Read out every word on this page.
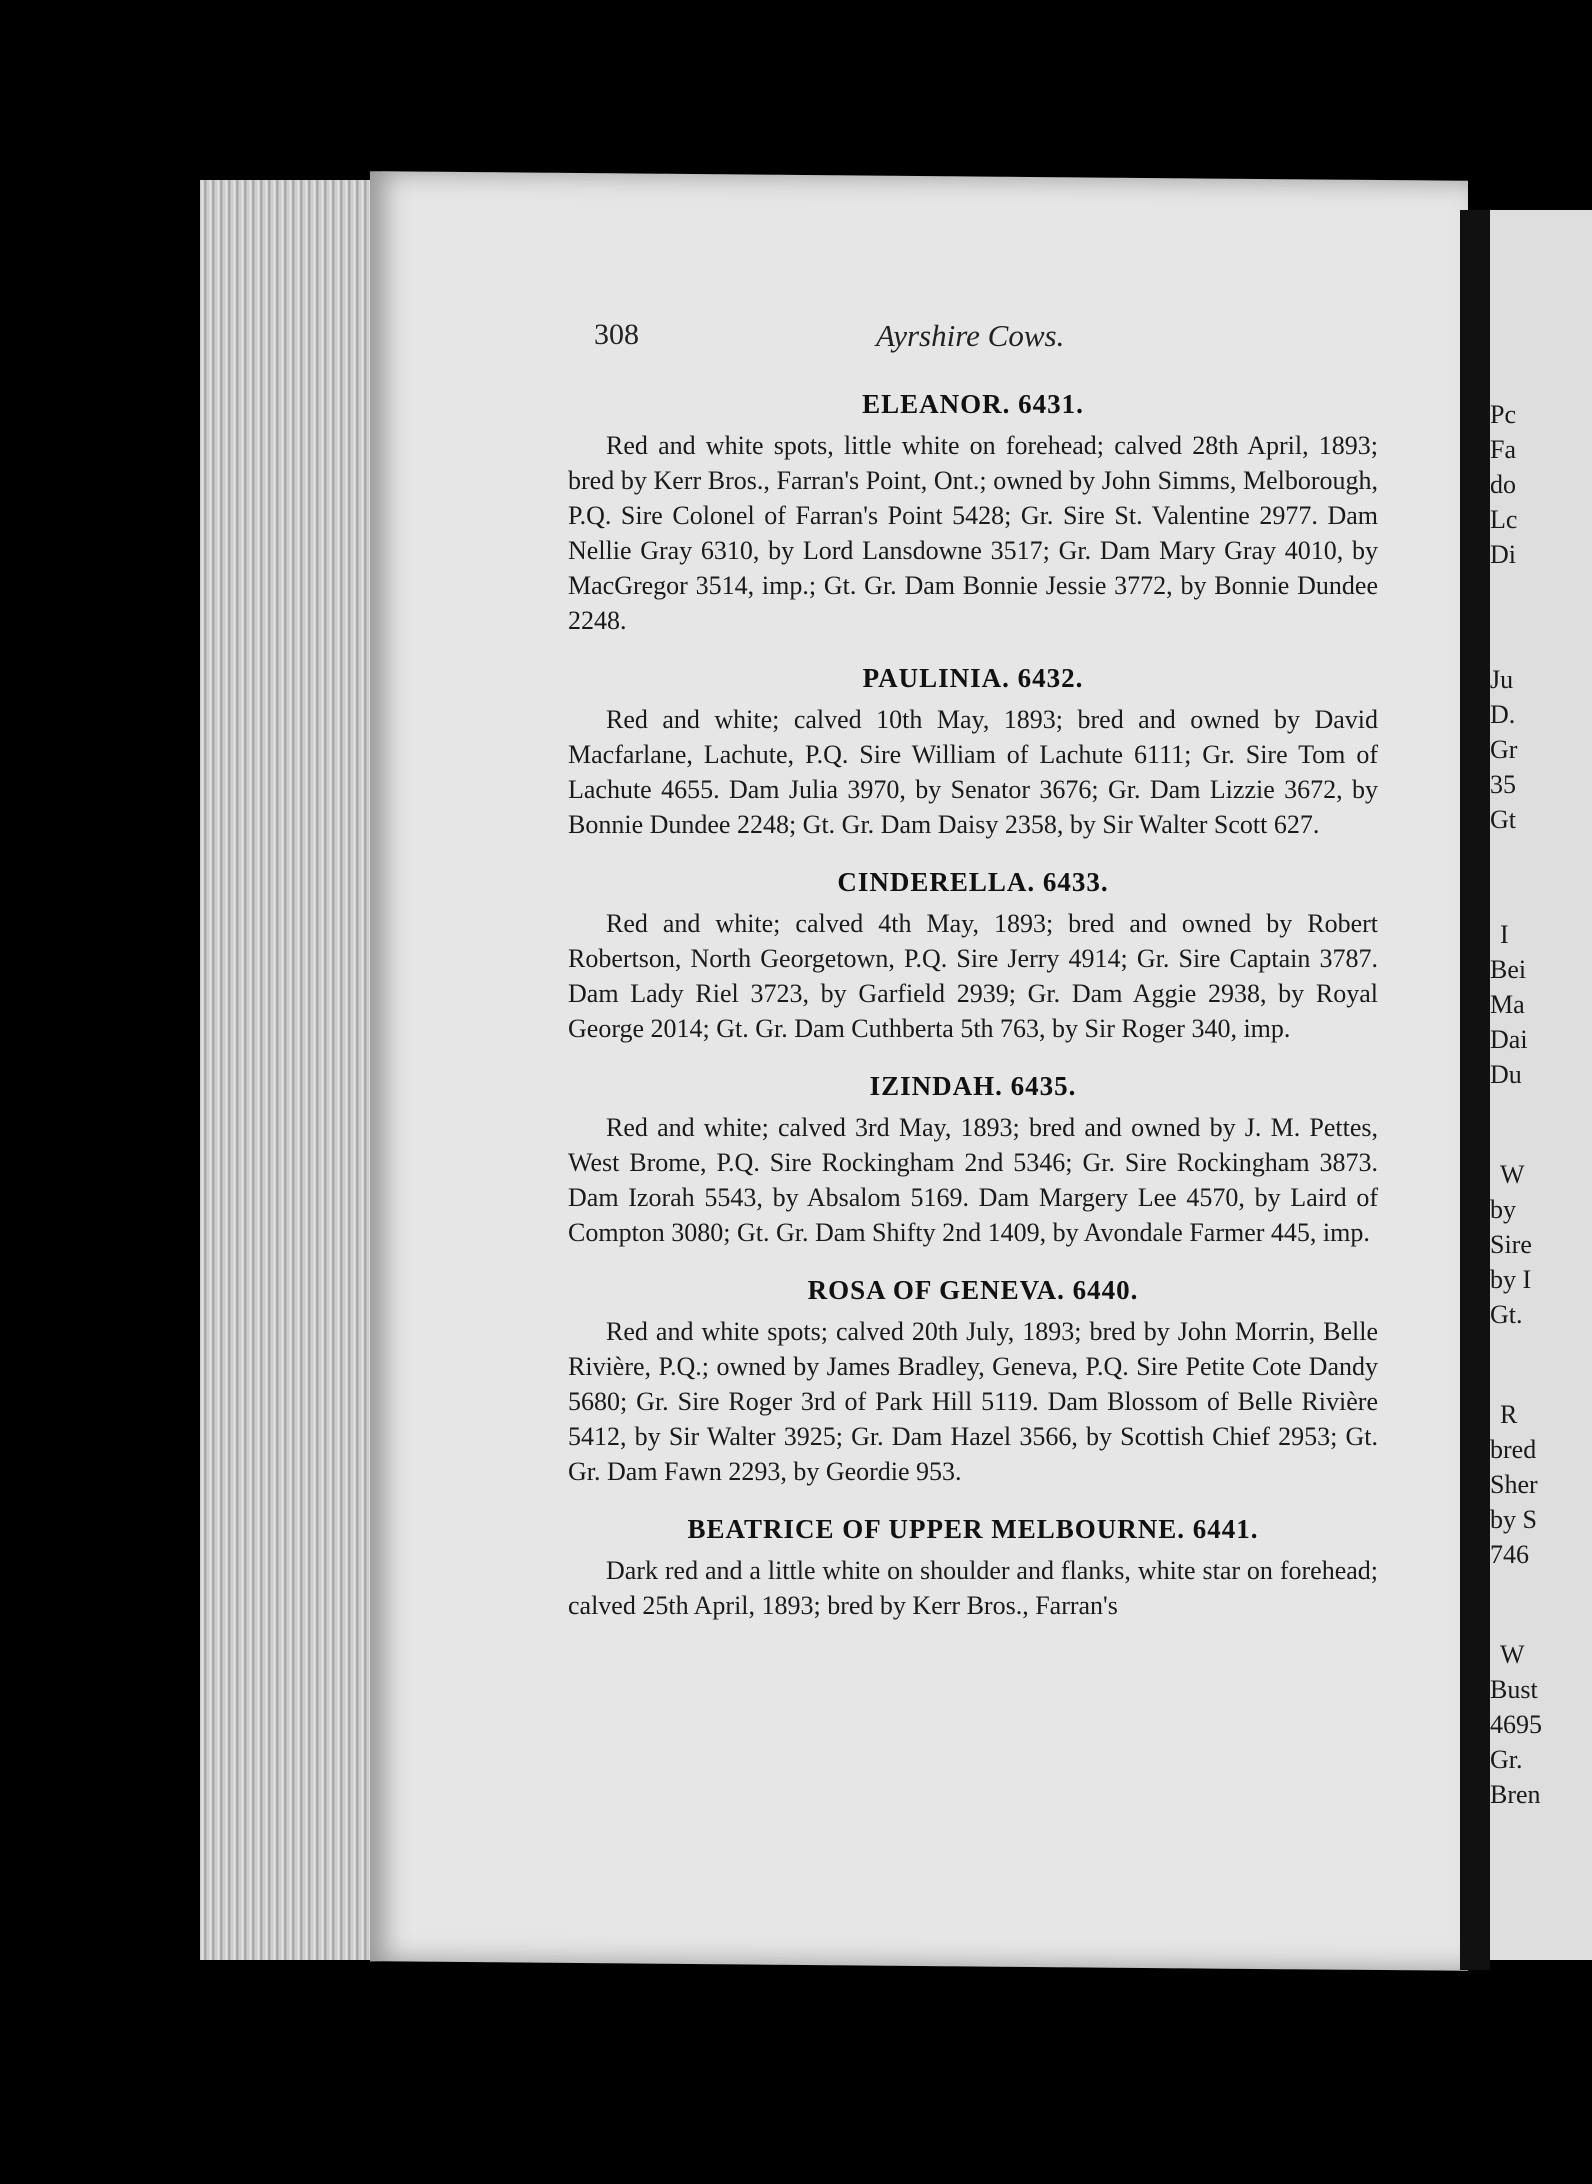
Pc
Fa
do
Lc
Di
Ju
D.
Gr
35
Gt
I
Bei
Ma
Dai
Du
W
by
Sire
by I
Gt.
R
bred
Sher
by S
746
W
Bust
4695
Gr.
Bren
308	Ayrshire Cows.

ELEANOR. 6431.

Red and white spots, little white on forehead; calved 28th April, 1893; bred by Kerr Bros., Farran's Point, Ont.; owned by John Simms, Melborough, P.Q. Sire Colonel of Farran's Point 5428; Gr. Sire St. Valentine 2977. Dam Nellie Gray 6310, by Lord Lansdowne 3517; Gr. Dam Mary Gray 4010, by MacGregor 3514, imp.; Gt. Gr. Dam Bonnie Jessie 3772, by Bonnie Dundee 2248.

PAULINIA. 6432.

Red and white; calved 10th May, 1893; bred and owned by David Macfarlane, Lachute, P.Q. Sire William of Lachute 6111; Gr. Sire Tom of Lachute 4655. Dam Julia 3970, by Senator 3676; Gr. Dam Lizzie 3672, by Bonnie Dundee 2248; Gt. Gr. Dam Daisy 2358, by Sir Walter Scott 627.

CINDERELLA. 6433.

Red and white; calved 4th May, 1893; bred and owned by Robert Robertson, North Georgetown, P.Q. Sire Jerry 4914; Gr. Sire Captain 3787. Dam Lady Riel 3723, by Garfield 2939; Gr. Dam Aggie 2938, by Royal George 2014; Gt. Gr. Dam Cuthberta 5th 763, by Sir Roger 340, imp.

IZINDAH. 6435.

Red and white; calved 3rd May, 1893; bred and owned by J. M. Pettes, West Brome, P.Q. Sire Rockingham 2nd 5346; Gr. Sire Rockingham 3873. Dam Izorah 5543, by Absalom 5169. Dam Margery Lee 4570, by Laird of Compton 3080; Gt. Gr. Dam Shifty 2nd 1409, by Avondale Farmer 445, imp.

ROSA OF GENEVA. 6440.

Red and white spots; calved 20th July, 1893; bred by John Morrin, Belle Rivière, P.Q.; owned by James Bradley, Geneva, P.Q. Sire Petite Cote Dandy 5680; Gr. Sire Roger 3rd of Park Hill 5119. Dam Blossom of Belle Rivière 5412, by Sir Walter 3925; Gr. Dam Hazel 3566, by Scottish Chief 2953; Gt. Gr. Dam Fawn 2293, by Geordie 953.

BEATRICE OF UPPER MELBOURNE. 6441.

Dark red and a little white on shoulder and flanks, white star on forehead; calved 25th April, 1893; bred by Kerr Bros., Farran's
